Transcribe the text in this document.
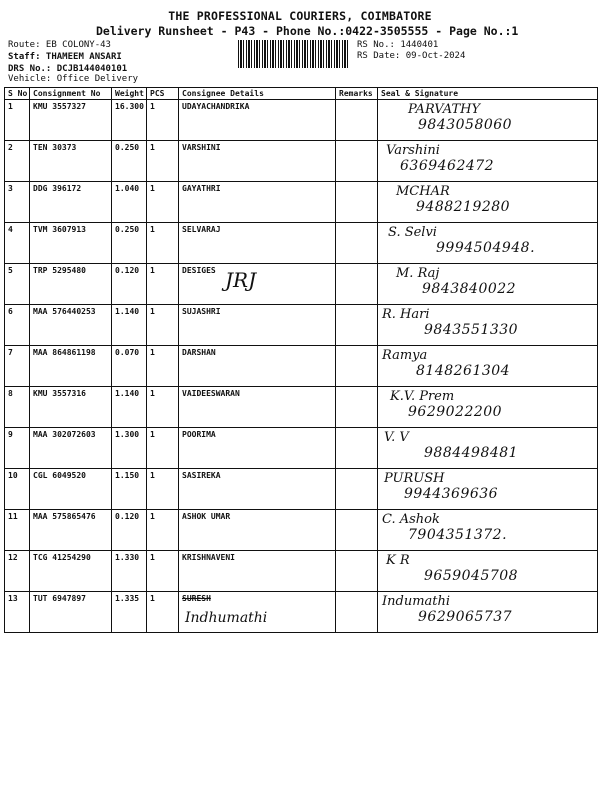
THE PROFESSIONAL COURIERS, COIMBATORE
Delivery Runsheet - P43 - Phone No.:0422-3505555 - Page No.:1
Route: EB COLONY-43
Staff: THAMEEM ANSARI
DRS No.: DCJB144040101
Vehicle: Office Delivery
RS No.: 1440401
RS Date: 09-Oct-2024
S No	Consignment No	Weight	PCS	Consignee Details	Remarks	Seal & Signature
1	KMU 3557327	16.300	1	UDAYACHANDRIKA		PARVATHY
9843058060

2	TEN 30373	0.250	1	VARSHINI		Varshini
6369462472

3	DDG 396172	1.040	1	GAYATHRI		MCHAR
9488219280

4	TVM 3607913	0.250	1	SELVARAJ		S. Selvi
9994504948.

5	TRP 5295480	0.120	1	DESIGES JRJ		M. Raj
9843840022

6	MAA 576440253	1.140	1	SUJASHRI		R. Hari
9843551330

7	MAA 864861198	0.070	1	DARSHAN		Ramya
8148261304

8	KMU 3557316	1.140	1	VAIDEESWARAN		K.V. Prem
9629022200

9	MAA 302072603	1.300	1	POORIMA		V. V
9884498481

10	CGL 6049520	1.150	1	SASIREKA		PURUSH
9944369636

11	MAA 575865476	0.120	1	ASHOK UMAR		C. Ashok
7904351372.

12	TCG 41254290	1.330	1	KRISHNAVENI		K R
9659045708

13	TUT 6947897	1.335	1	SURESH
Indhumathi		Indumathi
9629065737
